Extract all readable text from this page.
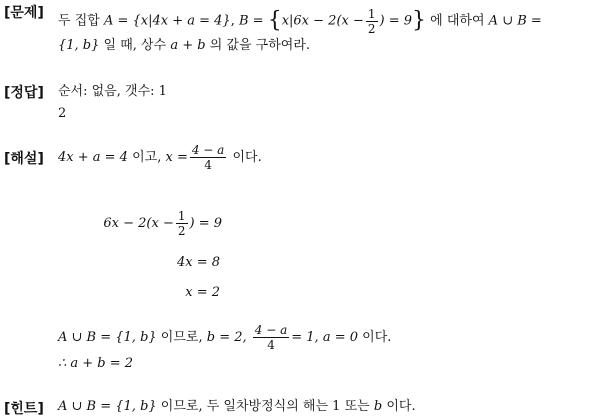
[문제] 두 집합 A = {x|4x + a = 4}, $B = \{x|6x - 2(x - \frac{1}{2}$ ) = 9} 에 대하여 A ∪ B =
{1, b} 일 때, 상수 a + b 의 값을 구하여라.
[정답] 순서: 없음, 갯수: 1
2
[해설] 4x + a = 4 이고, $x = \frac{4 - a}{4}$ 이다.
$6x - 2(x - \frac{1}{2}$ ) = 9
4x = 8
x = 2
A ∪ B = {1, b} 이므로, b = 2, $\frac{4 - a}{4} = 1$, a = 0 이다.
∴ a + b = 2
[힌트] A ∪ B = {1, b} 이므로, 두 일차방정식의 해는 1 또는 b 이다.
